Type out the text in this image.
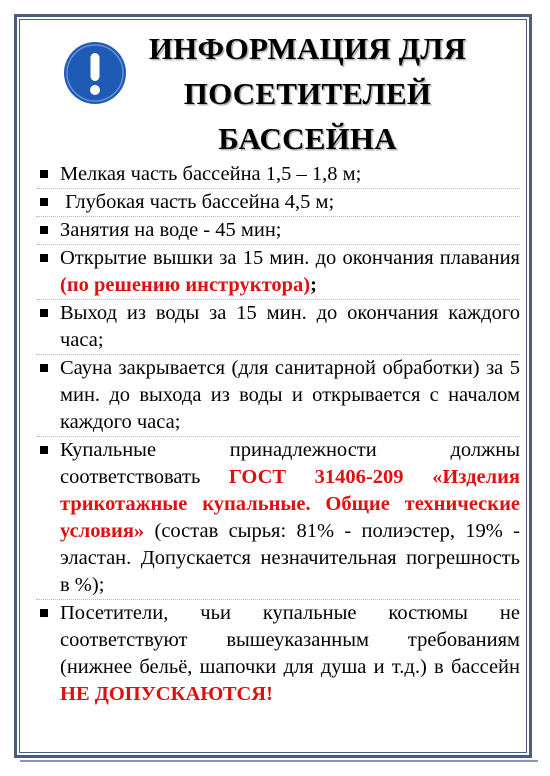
ИНФОРМАЦИЯ ДЛЯ
ПОСЕТИТЕЛЕЙ
БАССЕЙНА
Мелкая часть бассейна 1,5 – 1,8 м;
Глубокая часть бассейна 4,5 м;
Занятия на воде - 45 мин;
Открытие вышки за 15 мин. до окончания плавания (по решению инструктора);
Выход из воды за 15 мин. до окончания каждого часа;
Сауна закрывается (для санитарной обработки) за 5 мин. до выхода из воды и открывается с началом каждого часа;
Купальные принадлежности должны соответствовать ГОСТ 31406-209 «Изделия трикотажные купальные. Общие технические условия» (состав сырья: 81% - полиэстер, 19% - эластан. Допускается незначительная погрешность в %);
Посетители, чьи купальные костюмы не соответствуют вышеуказанным требованиям (нижнее бельё, шапочки для душа и т.д.) в бассейн НЕ ДОПУСКАЮТСЯ!
